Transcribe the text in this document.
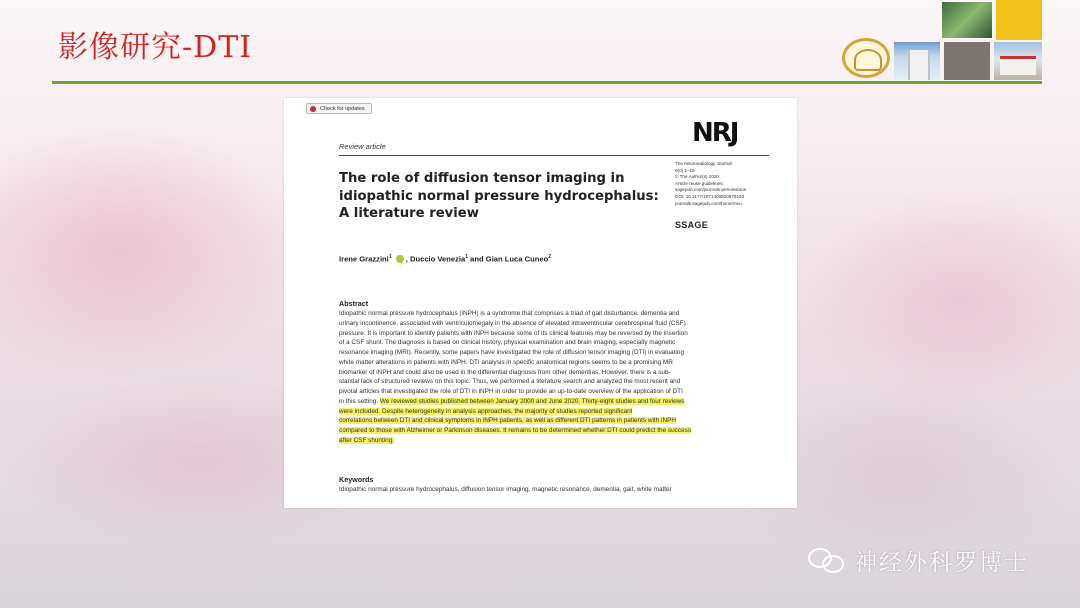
影像研究-DTI
Check for updates
Review article	NRJ
The Neuroradiology Journal
0(0) 1–15
© The Author(s) 2020
Article reuse guidelines:
sagepub.com/journals-permissions
DOI: 10.1177/1971400920975153
journals.sagepub.com/home/neu
SSAGE
The role of diffusion tensor imaging in
idiopathic normal pressure hydrocephalus:
A literature review
Irene Grazzini$^1$ , Duccio Venezia$^1$ and Gian Luca Cuneo$^2$
Abstract
Idiopathic normal pressure hydrocephalus (iNPH) is a syndrome that comprises a triad of gait disturbance, dementia and
urinary incontinence, associated with ventriculomegaly in the absence of elevated intraventricular cerebrospinal fluid (CSF)
pressure. It is important to identify patients with iNPH because some of its clinical features may be reversed by the insertion
of a CSF shunt. The diagnosis is based on clinical history, physical examination and brain imaging, especially magnetic
resonance imaging (MRI). Recently, some papers have investigated the role of diffusion tensor imaging (DTI) in evaluating
white matter alterations in patients with iNPH. DTI analysis in specific anatomical regions seems to be a promising MR
biomarker of iNPH and could also be used in the differential diagnosis from other dementias. However, there is a sub-
stantial lack of structured reviews on this topic. Thus, we performed a literature search and analyzed the most recent and
pivotal articles that investigated the role of DTI in iNPH in order to provide an up-to-date overview of the application of DTI
in this setting. We reviewed studies published between January 2000 and June 2020. Thirty-eight studies and four reviews
were included. Despite heterogeneity in analysis approaches, the majority of studies reported significant
correlations between DTI and clinical symptoms in iNPH patients, as well as different DTI patterns in patients with iNPH
compared to those with Alzheimer or Parkinson diseases. It remains to be determined whether DTI could predict the success
after CSF shunting.
Keywords
Idiopathic normal pressure hydrocephalus, diffusion tensor imaging, magnetic resonance, dementia, gait, white matter
神经外科罗博士
